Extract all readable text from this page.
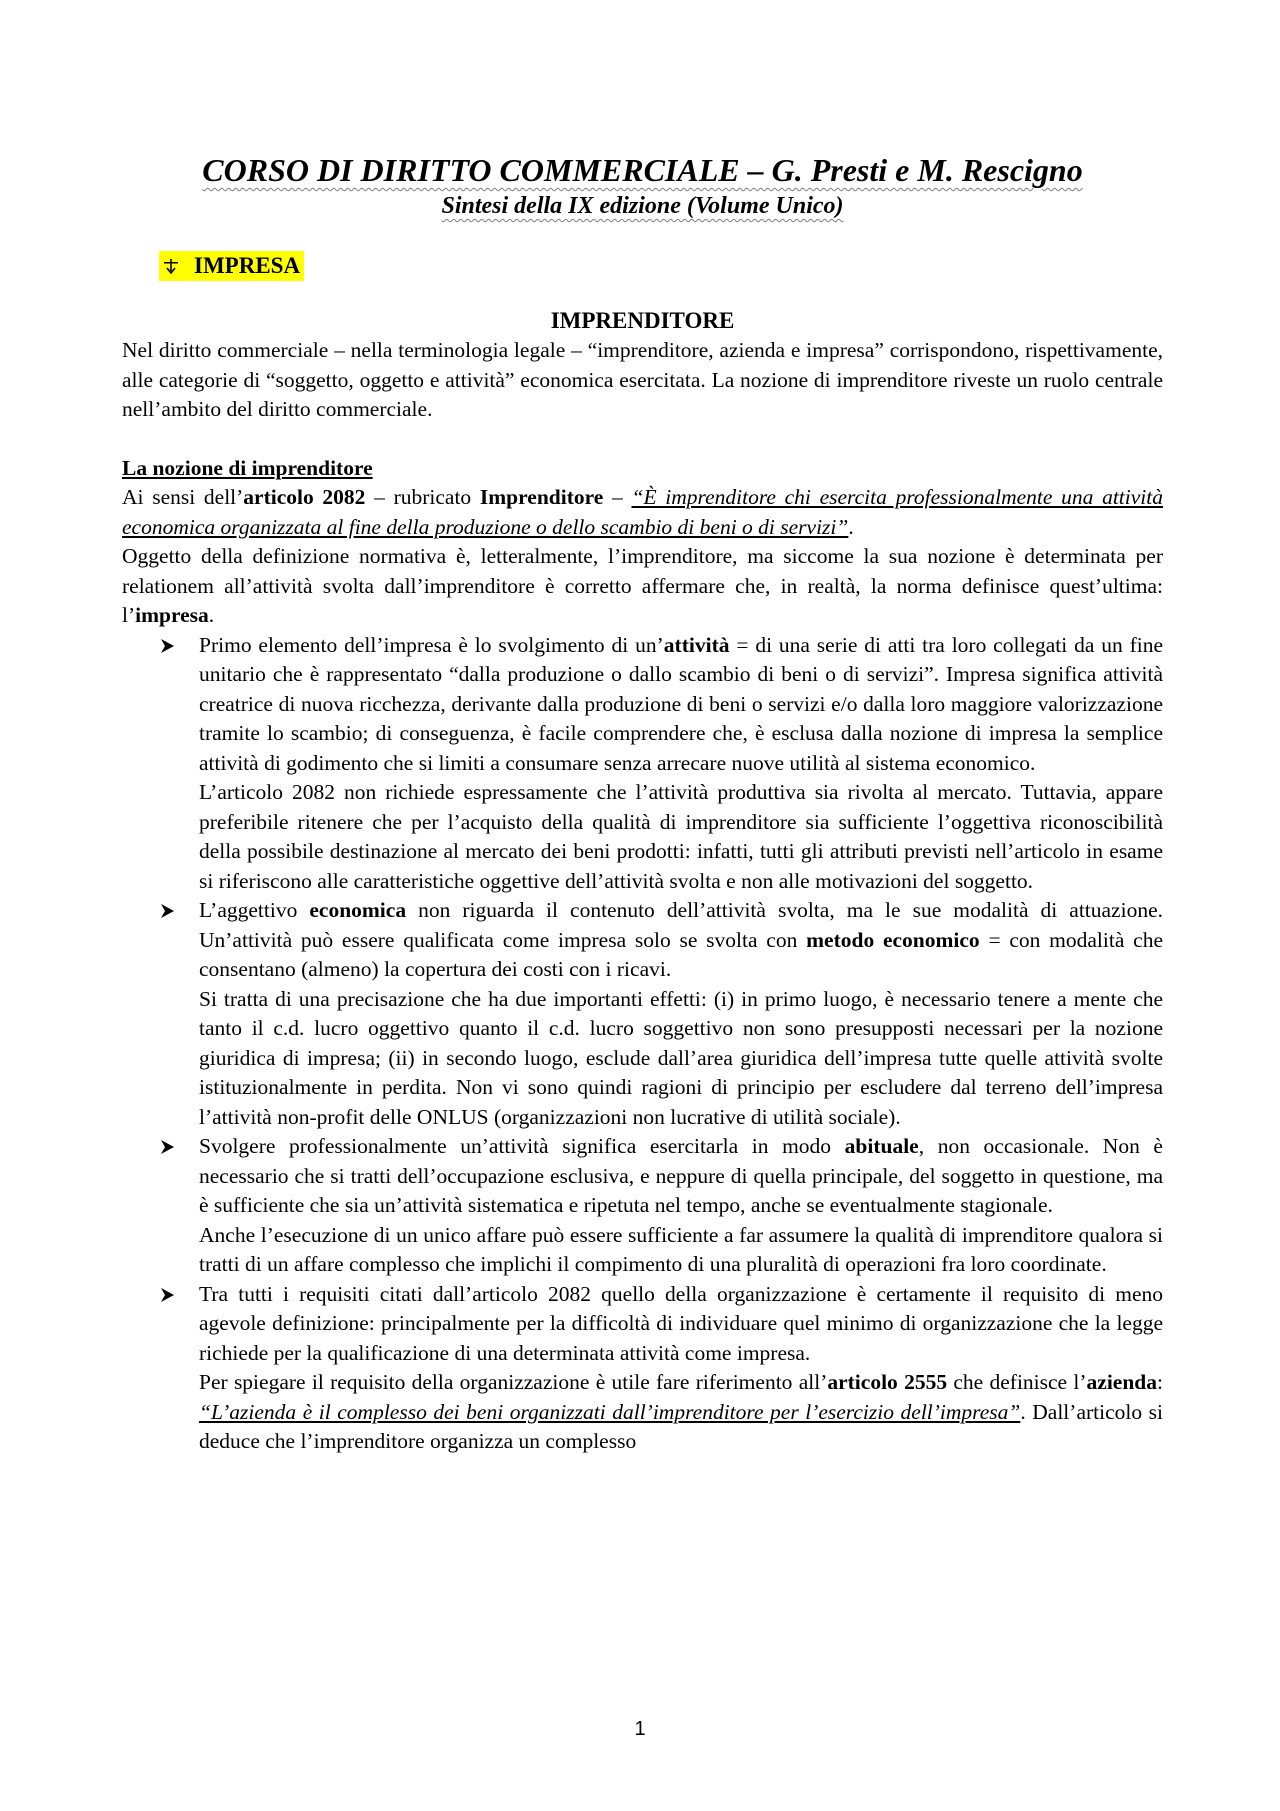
CORSO DI DIRITTO COMMERCIALE – G. Presti e M. Rescigno
Sintesi della IX edizione (Volume Unico)
IMPRESA
IMPRENDITORE

Nel diritto commerciale – nella terminologia legale – “imprenditore, azienda e impresa” corrispondono, rispettivamente, alle categorie di “soggetto, oggetto e attività” economica esercitata. La nozione di imprenditore riveste un ruolo centrale nell’ambito del diritto commerciale.

La nozione di imprenditore

Ai sensi dell’articolo 2082 – rubricato Imprenditore – “È imprenditore chi esercita professionalmente una attività economica organizzata al fine della produzione o dello scambio di beni o di servizi”.

Oggetto della definizione normativa è, letteralmente, l’imprenditore, ma siccome la sua nozione è determinata per relationem all’attività svolta dall’imprenditore è corretto affermare che, in realtà, la norma definisce quest’ultima: l’impresa.

Primo elemento dell’impresa è lo svolgimento di un’attività = di una serie di atti tra loro collegati da un fine unitario che è rappresentato “dalla produzione o dallo scambio di beni o di servizi”. Impresa significa attività creatrice di nuova ricchezza, derivante dalla produzione di beni o servizi e/o dalla loro maggiore valorizzazione tramite lo scambio; di conseguenza, è facile comprendere che, è esclusa dalla nozione di impresa la semplice attività di godimento che si limiti a consumare senza arrecare nuove utilità al sistema economico.

L’articolo 2082 non richiede espressamente che l’attività produttiva sia rivolta al mercato. Tuttavia, appare preferibile ritenere che per l’acquisto della qualità di imprenditore sia sufficiente l’oggettiva riconoscibilità della possibile destinazione al mercato dei beni prodotti: infatti, tutti gli attributi previsti nell’articolo in esame si riferiscono alle caratteristiche oggettive dell’attività svolta e non alle motivazioni del soggetto.

L’aggettivo economica non riguarda il contenuto dell’attività svolta, ma le sue modalità di attuazione. Un’attività può essere qualificata come impresa solo se svolta con metodo economico = con modalità che consentano (almeno) la copertura dei costi con i ricavi.

Si tratta di una precisazione che ha due importanti effetti: (i) in primo luogo, è necessario tenere a mente che tanto il c.d. lucro oggettivo quanto il c.d. lucro soggettivo non sono presupposti necessari per la nozione giuridica di impresa; (ii) in secondo luogo, esclude dall’area giuridica dell’impresa tutte quelle attività svolte istituzionalmente in perdita. Non vi sono quindi ragioni di principio per escludere dal terreno dell’impresa l’attività non-profit delle ONLUS (organizzazioni non lucrative di utilità sociale).

Svolgere professionalmente un’attività significa esercitarla in modo abituale, non occasionale. Non è necessario che si tratti dell’occupazione esclusiva, e neppure di quella principale, del soggetto in questione, ma è sufficiente che sia un’attività sistematica e ripetuta nel tempo, anche se eventualmente stagionale.

Anche l’esecuzione di un unico affare può essere sufficiente a far assumere la qualità di imprenditore qualora si tratti di un affare complesso che implichi il compimento di una pluralità di operazioni fra loro coordinate.

Tra tutti i requisiti citati dall’articolo 2082 quello della organizzazione è certamente il requisito di meno agevole definizione: principalmente per la difficoltà di individuare quel minimo di organizzazione che la legge richiede per la qualificazione di una determinata attività come impresa.

Per spiegare il requisito della organizzazione è utile fare riferimento all’articolo 2555 che definisce l’azienda: “L’azienda è il complesso dei beni organizzati dall’imprenditore per l’esercizio dell’impresa”. Dall’articolo si deduce che l’imprenditore organizza un complesso

1
